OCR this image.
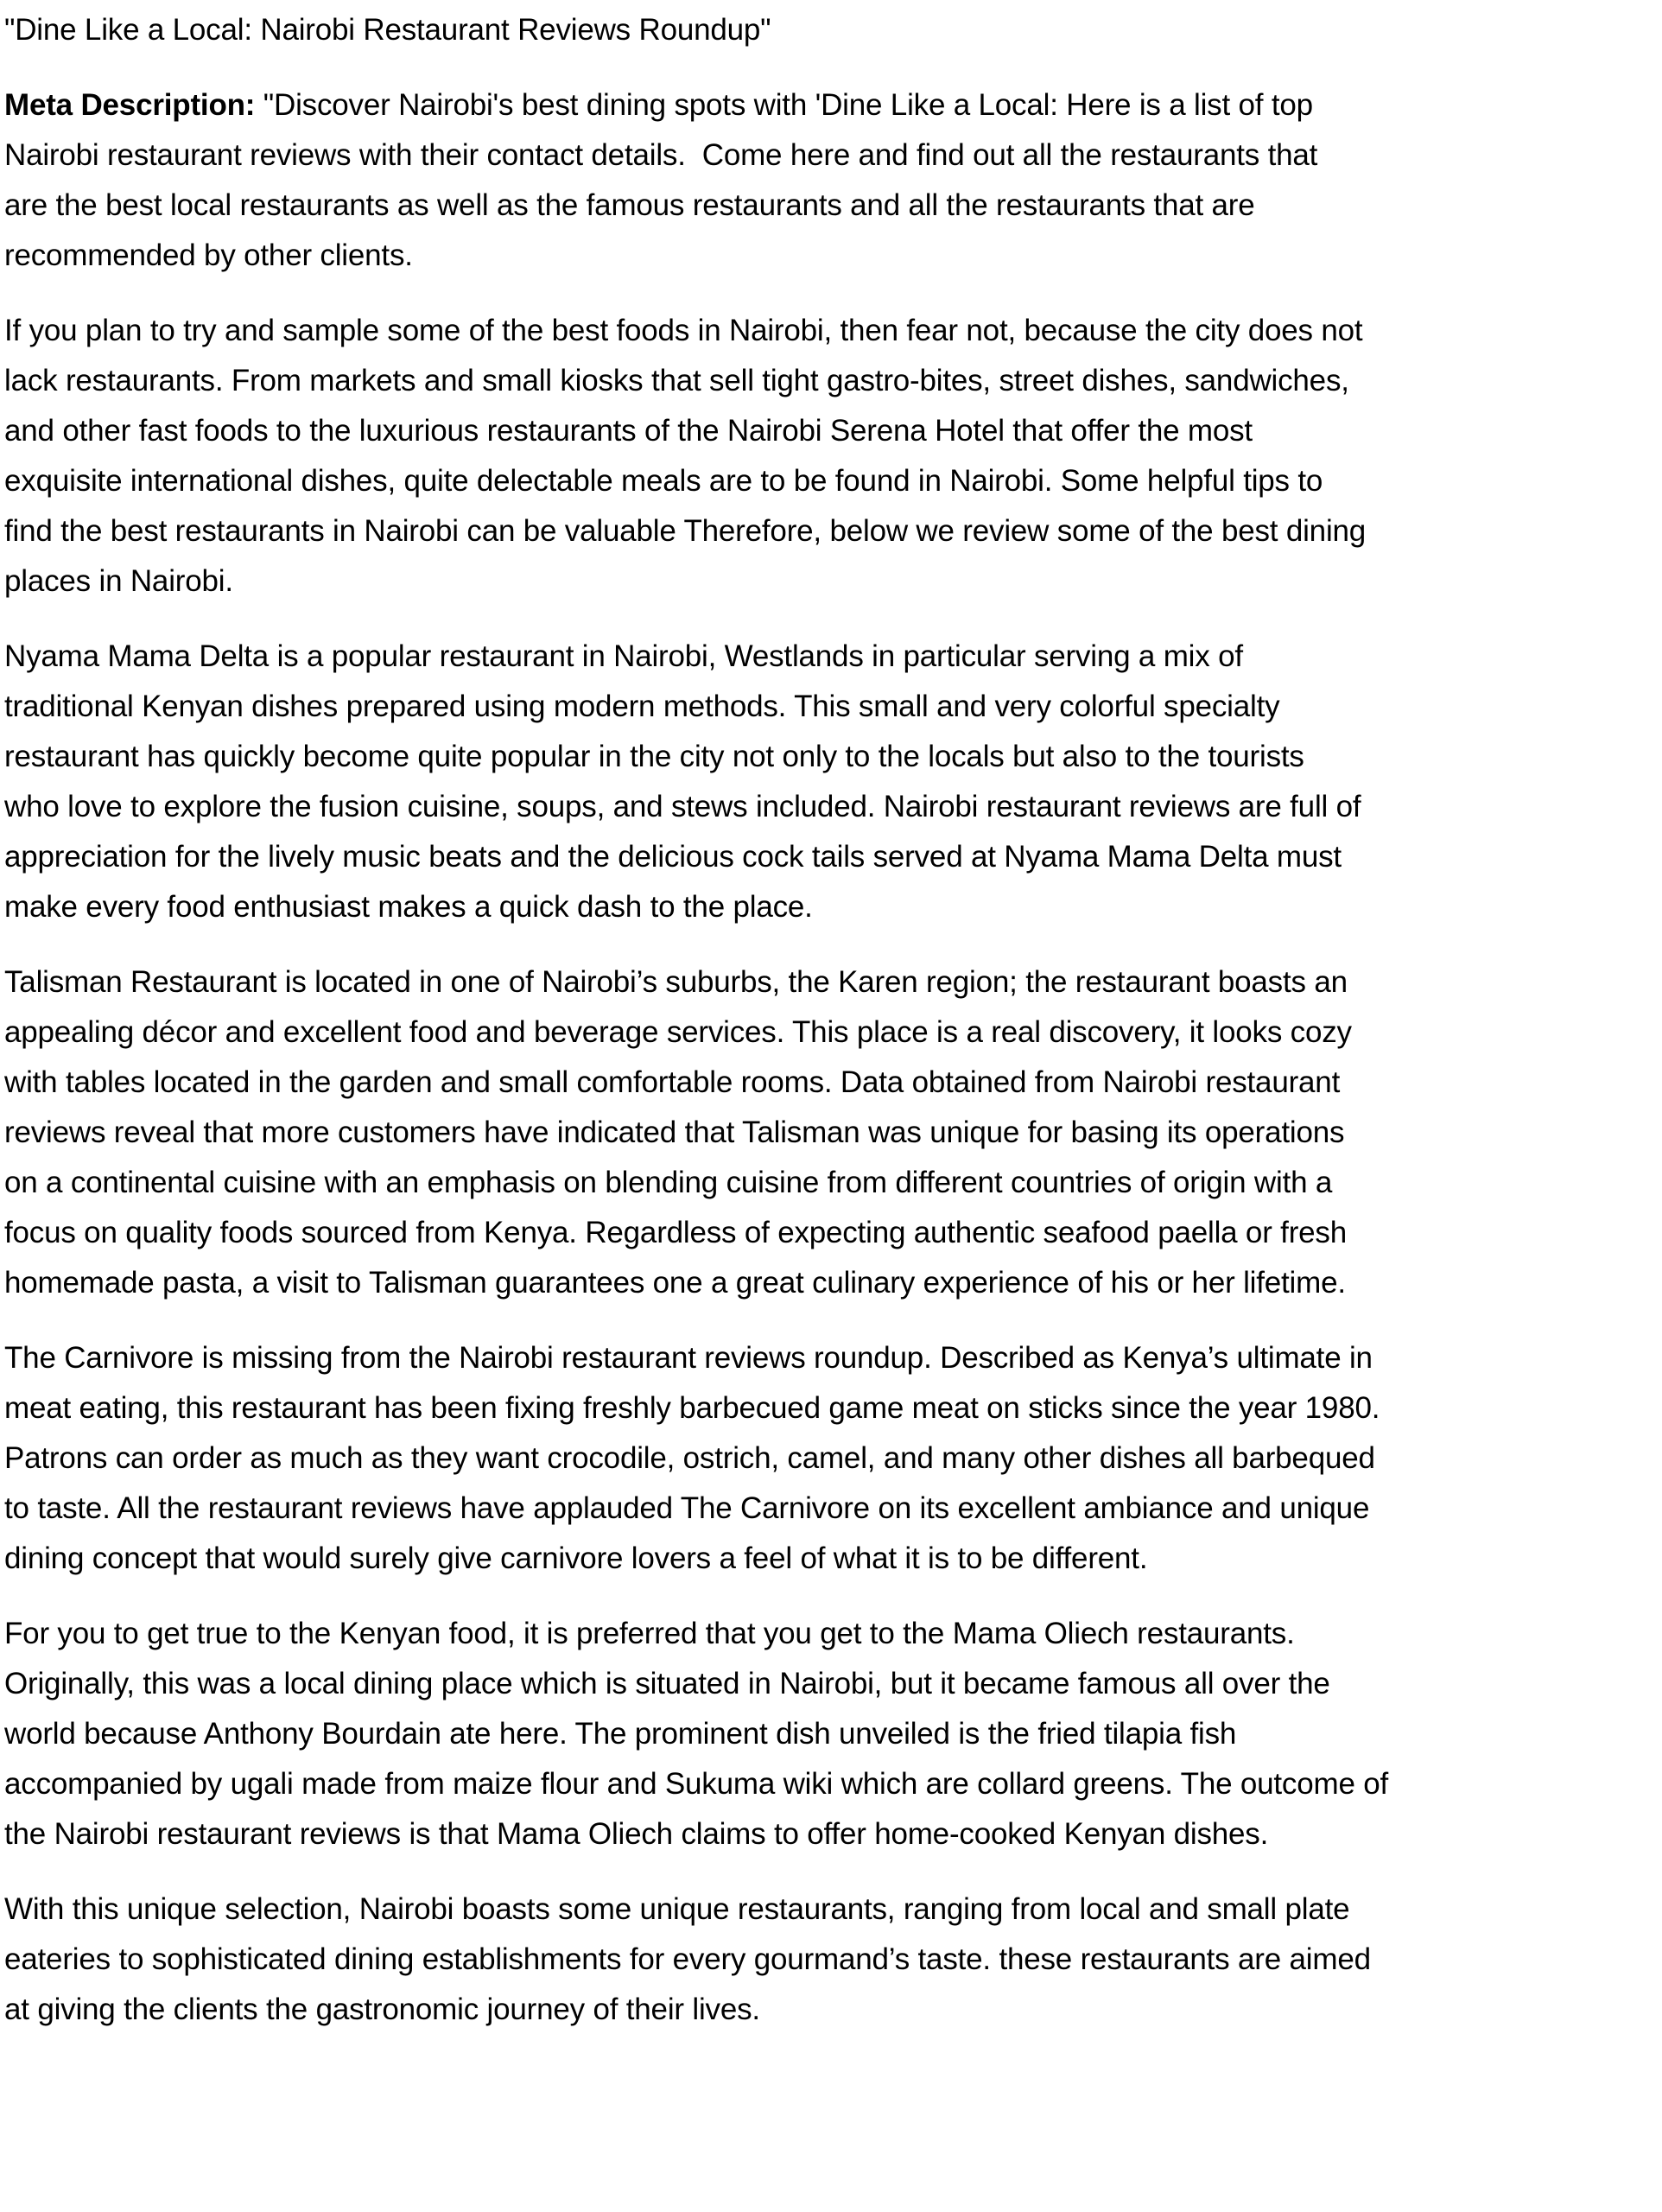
"Dine Like a Local: Nairobi Restaurant Reviews Roundup"

Meta Description: "Discover Nairobi's best dining spots with 'Dine Like a Local: Here is a list of top
Nairobi restaurant reviews with their contact details.  Come here and find out all the restaurants that
are the best local restaurants as well as the famous restaurants and all the restaurants that are
recommended by other clients.

If you plan to try and sample some of the best foods in Nairobi, then fear not, because the city does not
lack restaurants. From markets and small kiosks that sell tight gastro-bites, street dishes, sandwiches,
and other fast foods to the luxurious restaurants of the Nairobi Serena Hotel that offer the most
exquisite international dishes, quite delectable meals are to be found in Nairobi. Some helpful tips to
find the best restaurants in Nairobi can be valuable Therefore, below we review some of the best dining
places in Nairobi.

Nyama Mama Delta is a popular restaurant in Nairobi, Westlands in particular serving a mix of
traditional Kenyan dishes prepared using modern methods. This small and very colorful specialty
restaurant has quickly become quite popular in the city not only to the locals but also to the tourists
who love to explore the fusion cuisine, soups, and stews included. Nairobi restaurant reviews are full of
appreciation for the lively music beats and the delicious cock tails served at Nyama Mama Delta must
make every food enthusiast makes a quick dash to the place.

Talisman Restaurant is located in one of Nairobi’s suburbs, the Karen region; the restaurant boasts an
appealing décor and excellent food and beverage services. This place is a real discovery, it looks cozy
with tables located in the garden and small comfortable rooms. Data obtained from Nairobi restaurant
reviews reveal that more customers have indicated that Talisman was unique for basing its operations
on a continental cuisine with an emphasis on blending cuisine from different countries of origin with a
focus on quality foods sourced from Kenya. Regardless of expecting authentic seafood paella or fresh
homemade pasta, a visit to Talisman guarantees one a great culinary experience of his or her lifetime.

The Carnivore is missing from the Nairobi restaurant reviews roundup. Described as Kenya’s ultimate in
meat eating, this restaurant has been fixing freshly barbecued game meat on sticks since the year 1980.
Patrons can order as much as they want crocodile, ostrich, camel, and many other dishes all barbequed
to taste. All the restaurant reviews have applauded The Carnivore on its excellent ambiance and unique
dining concept that would surely give carnivore lovers a feel of what it is to be different.

For you to get true to the Kenyan food, it is preferred that you get to the Mama Oliech restaurants.
Originally, this was a local dining place which is situated in Nairobi, but it became famous all over the
world because Anthony Bourdain ate here. The prominent dish unveiled is the fried tilapia fish
accompanied by ugali made from maize flour and Sukuma wiki which are collard greens. The outcome of
the Nairobi restaurant reviews is that Mama Oliech claims to offer home-cooked Kenyan dishes.

With this unique selection, Nairobi boasts some unique restaurants, ranging from local and small plate
eateries to sophisticated dining establishments for every gourmand’s taste. these restaurants are aimed
at giving the clients the gastronomic journey of their lives.
